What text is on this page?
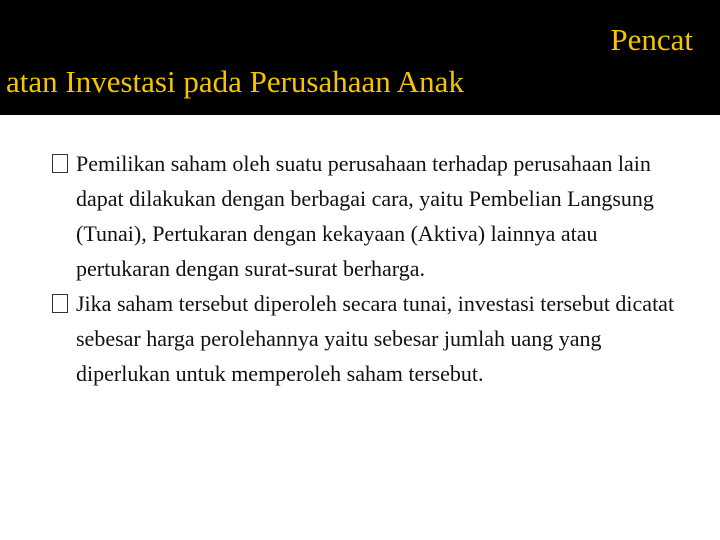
Pencat
atan Investasi pada Perusahaan Anak

Pemilikan saham oleh suatu perusahaan terhadap perusahaan lain dapat dilakukan dengan berbagai cara, yaitu Pembelian Langsung (Tunai), Pertukaran dengan kekayaan (Aktiva) lainnya atau pertukaran dengan surat-surat berharga.

Jika saham tersebut diperoleh secara tunai, investasi tersebut dicatat sebesar harga perolehannya yaitu sebesar jumlah uang yang diperlukan untuk memperoleh saham tersebut.
